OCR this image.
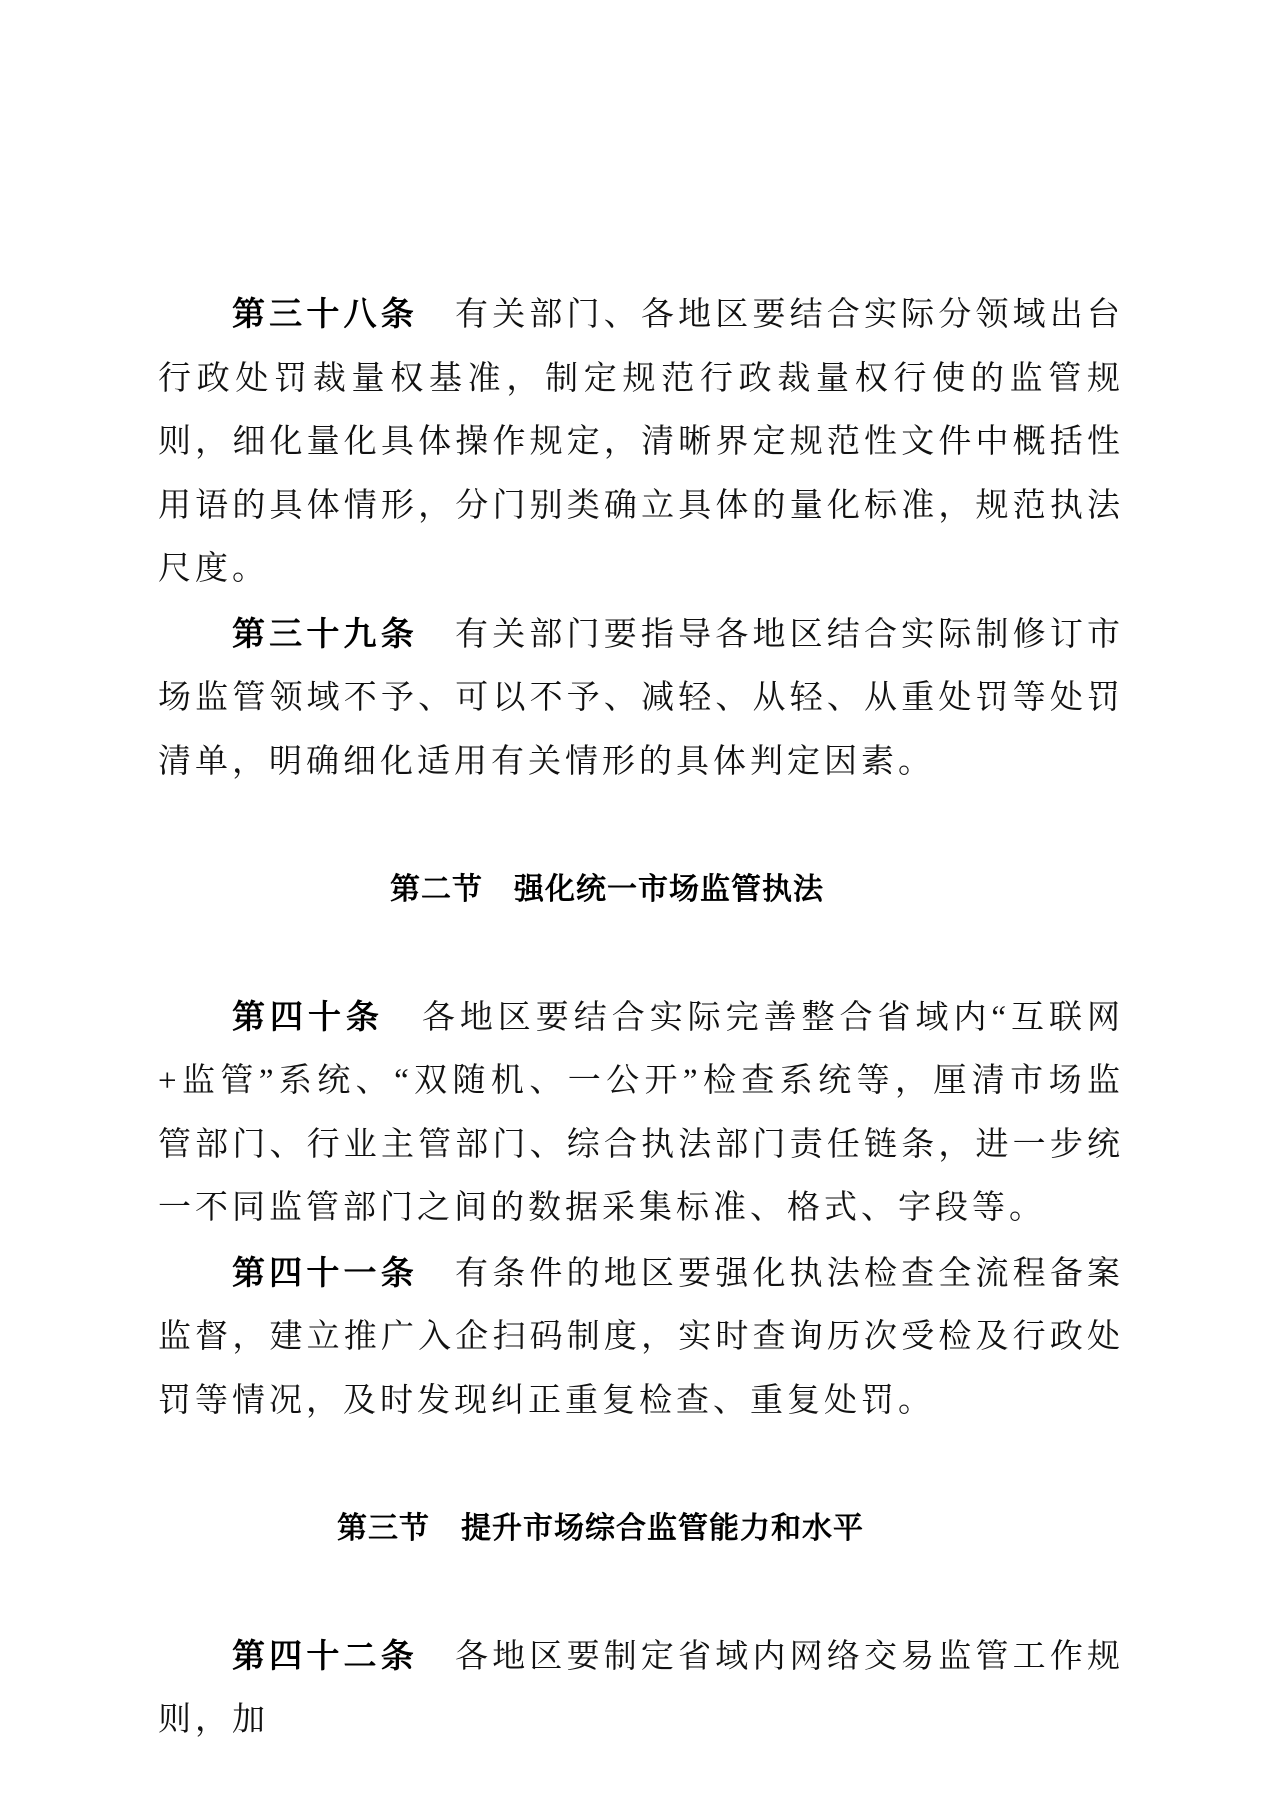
第三十八条　有关部门、各地区要结合实际分领域出台行政处罚裁量权基准，制定规范行政裁量权行使的监管规则，细化量化具体操作规定，清晰界定规范性文件中概括性用语的具体情形，分门别类确立具体的量化标准，规范执法尺度。

第三十九条　有关部门要指导各地区结合实际制修订市场监管领域不予、可以不予、减轻、从轻、从重处罚等处罚清单，明确细化适用有关情形的具体判定因素。

第二节　强化统一市场监管执法

第四十条　各地区要结合实际完善整合省域内“互联网+监管”系统、“双随机、一公开”检查系统等，厘清市场监管部门、行业主管部门、综合执法部门责任链条，进一步统一不同监管部门之间的数据采集标准、格式、字段等。

第四十一条　有条件的地区要强化执法检查全流程备案监督，建立推广入企扫码制度，实时查询历次受检及行政处罚等情况，及时发现纠正重复检查、重复处罚。

第三节　提升市场综合监管能力和水平

第四十二条　各地区要制定省域内网络交易监管工作规则，加
